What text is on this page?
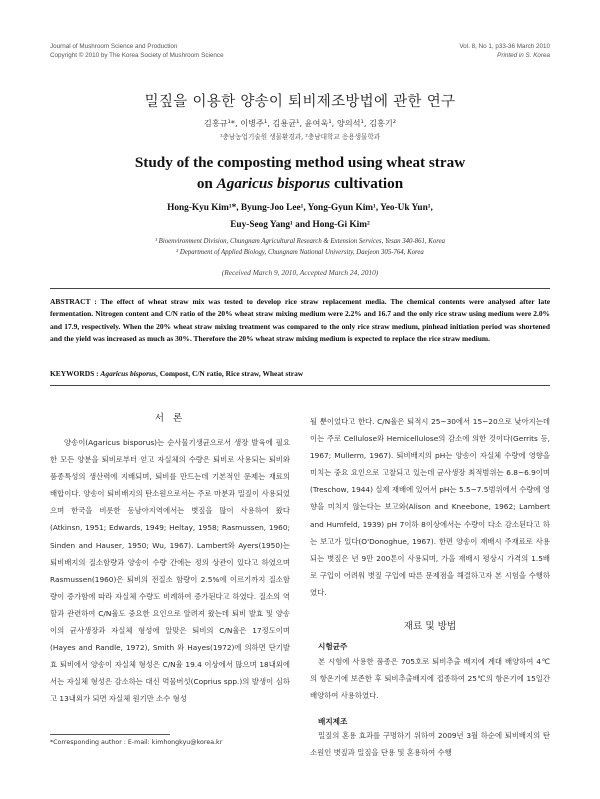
Journal of Mushroom Science and Production
Copyright © 2010 by The Korea Society of Mushroom Science
Vol. 8, No 1, p33-36 March 2010
Printed in S. Korea
밀짚을 이용한 양송이 퇴비제조방법에 관한 연구
김홍규¹*, 이병주¹, 김용균¹, 윤여욱¹, 양의석¹, 김홍기²
¹충남농업기술원 생물환경과, ²충남대학교 응용생물학과
Study of the composting method using wheat straw
on Agaricus bisporus cultivation
Hong-Kyu Kim¹*, Byung-Joo Lee¹, Yong-Gyun Kim¹, Yeo-Uk Yun¹,
Euy-Seog Yang¹ and Hong-Gi Kim²
¹ Bioenvironment Division, Chungnam Agricultural Research & Extension Services, Yesan 340-861, Korea
² Department of Applied Biology, Chungnam National University, Daejeon 305-764, Korea
(Received March 9, 2010, Accepted March 24, 2010)
ABSTRACT : The effect of wheat straw mix was tested to develop rice straw replacement media. The chemical contents were analysed after late fermentation. Nitrogen content and C/N ratio of the 20% wheat straw mixing medium were 2.2% and 16.7 and the only rice straw using medium were 2.0% and 17.9, respectively. When the 20% wheat straw mixing treatment was compared to the only rice straw medium, pinhead initiation period was shortened and the yield was increased as much as 30%. Therefore the 20% wheat straw mixing medium is expected to replace the rice straw medium.
KEYWORDS : Agaricus bisporus, Compost, C/N ratio, Rice straw, Wheat straw
서 론

양송이(Agaricus bisporus)는 순사물기생균으로서 생장 발육에 필요한 모든 양분을 퇴비로부터 얻고 자실체의 수량은 퇴비로 사용되는 퇴비와 품종특성의 생산력에 지배되며, 퇴비를 만드는데 기본적인 문제는 재료의 배합이다. 양송이 퇴비배지의 탄소원으로서는 주로 마분과 밀짚이 사용되었으며 한국을 비롯한 동남아지역에서는 볏짚을 많이 사용하여 왔다(Atkinsn, 1951; Edwards, 1949; Heltay, 1958; Rasmussen, 1960; Sinden and Hauser, 1950; Wu, 1967). Lambert와 Ayers(1950)는 퇴비배지의 질소함량과 양송이 수량 간에는 정의 상관이 있다고 하였으며 Rasmussen(1960)은 퇴비의 전질소 함량이 2.5%에 이르기까지 질소함량이 증가함에 따라 자실체 수량도 비례하여 증가된다고 하였다. 질소의 역할과 관련하여 C/N율도 중요한 요인으로 알려져 왔는데 퇴비 발효 및 양송이의 균사생장과 자실체 형성에 알맞은 퇴비의 C/N율은 17정도이며(Hayes and Randle, 1972), Smith 와 Hayes(1972)에 의하면 단기발효 퇴비에서 양송이 자실체 형성은 C/N율 19.4 이상에서 많으며 18내외에서는 자실체 형성은 감소하는 대신 먹물버섯(Coprius spp.)의 발생이 심하고 13내외가 되면 자실체 원기만 소수 형성

될 뿐이었다고 한다. C/N율은 퇴적시 25~30에서 15~20으로 낮아지는데 이는 주로 Cellulose와 Hemicellulose의 감소에 의한 것이다(Gerrits 등, 1967; Mullerm, 1967). 퇴비배지의 pH는 양송이 자실체 수량에 영향을 미치는 중요 요인으로 고찰되고 있는데 균사생장 최적범위는 6.8~6.9이며(Treschow, 1944) 실제 재배에 있어서 pH는 5.5~7.5범위에서 수량에 영향을 미치지 않는다는 보고와(Alison and Kneebone, 1962; Lambert and Humfeld, 1939) pH 7이하 8이상에서는 수량이 다소 감소된다고 하는 보고가 있다(O'Donoghue, 1967). 한편 양송이 재배시 주재료로 사용되는 볏짚은 년 9만 200톤이 사용되며, 가을 재배시 평상시 가격의 1.5배로 구입이 어려워 볏짚 구입에 따른 문제점을 해결하고자 본 시험을 수행하였다.

재료 및 방법
시험균주

본 시험에 사용한 품종은 705호로 퇴비추출 배지에 계대 배양하여 4℃의 항온기에 보존한 후 퇴비추출배지에 접종하여 25℃의 항온기에 15일간 배양하여 사용하였다.

배지제조

밀짚의 혼용 효과를 구명하기 위하여 2009년 3월 하순에 퇴비배지의 탄소원인 볏짚과 밀짚을 단용 및 혼용하여 수행

*Corresponding author : E-mail: kimhongkyu@korea.kr
